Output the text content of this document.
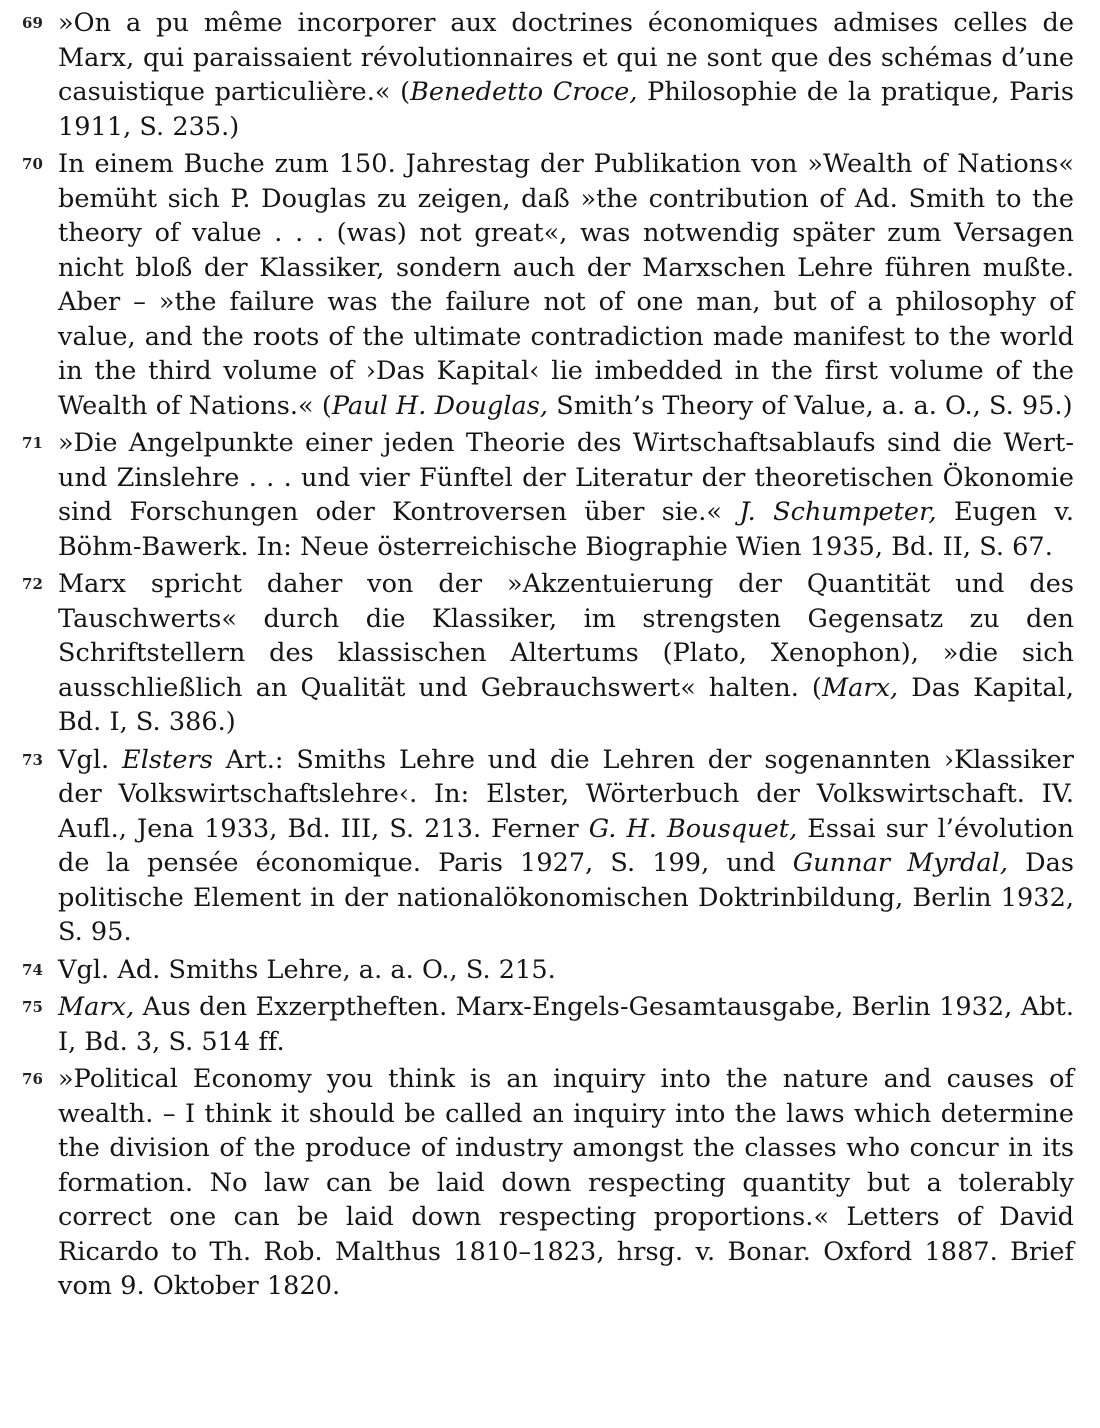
69 »On a pu même incorporer aux doctrines économiques admises celles de Marx, qui paraissaient révolutionnaires et qui ne sont que des schémas d’une casuistique particulière.« (Benedetto Croce, Philosophie de la pratique, Paris 1911, S. 235.)
70 In einem Buche zum 150. Jahrestag der Publikation von »Wealth of Nations« bemüht sich P. Douglas zu zeigen, daß »the contribution of Ad. Smith to the theory of value . . . (was) not great«, was notwendig später zum Versagen nicht bloß der Klassiker, sondern auch der Marxschen Lehre führen mußte. Aber – »the failure was the failure not of one man, but of a philosophy of value, and the roots of the ultimate contradiction made manifest to the world in the third volume of ›Das Kapital‹ lie imbedded in the first volume of the Wealth of Nations.« (Paul H. Douglas, Smith’s Theory of Value, a. a. O., S. 95.)
71 »Die Angelpunkte einer jeden Theorie des Wirtschaftsablaufs sind die Wert- und Zinslehre . . . und vier Fünftel der Literatur der theoretischen Ökonomie sind Forschungen oder Kontroversen über sie.« J. Schumpeter, Eugen v. Böhm-Bawerk. In: Neue österreichische Biographie Wien 1935, Bd. II, S. 67.
72 Marx spricht daher von der »Akzentuierung der Quantität und des Tauschwerts« durch die Klassiker, im strengsten Gegensatz zu den Schriftstellern des klassischen Altertums (Plato, Xenophon), »die sich ausschließlich an Qualität und Gebrauchswert« halten. (Marx, Das Kapital, Bd. I, S. 386.)
73 Vgl. Elsters Art.: Smiths Lehre und die Lehren der sogenannten ›Klassiker der Volkswirtschaftslehre‹. In: Elster, Wörterbuch der Volkswirtschaft. IV. Aufl., Jena 1933, Bd. III, S. 213. Ferner G. H. Bousquet, Essai sur l’évolution de la pensée économique. Paris 1927, S. 199, und Gunnar Myrdal, Das politische Element in der nationalökonomischen Doktrinbildung, Berlin 1932, S. 95.
74 Vgl. Ad. Smiths Lehre, a. a. O., S. 215.
75 Marx, Aus den Exzerptheften. Marx-Engels-Gesamtausgabe, Berlin 1932, Abt. I, Bd. 3, S. 514 ff.
76 »Political Economy you think is an inquiry into the nature and causes of wealth. – I think it should be called an inquiry into the laws which determine the division of the produce of industry amongst the classes who concur in its formation. No law can be laid down respecting quantity but a tolerably correct one can be laid down respecting proportions.« Letters of David Ricardo to Th. Rob. Malthus 1810–1823, hrsg. v. Bonar. Oxford 1887. Brief vom 9. Oktober 1820.
